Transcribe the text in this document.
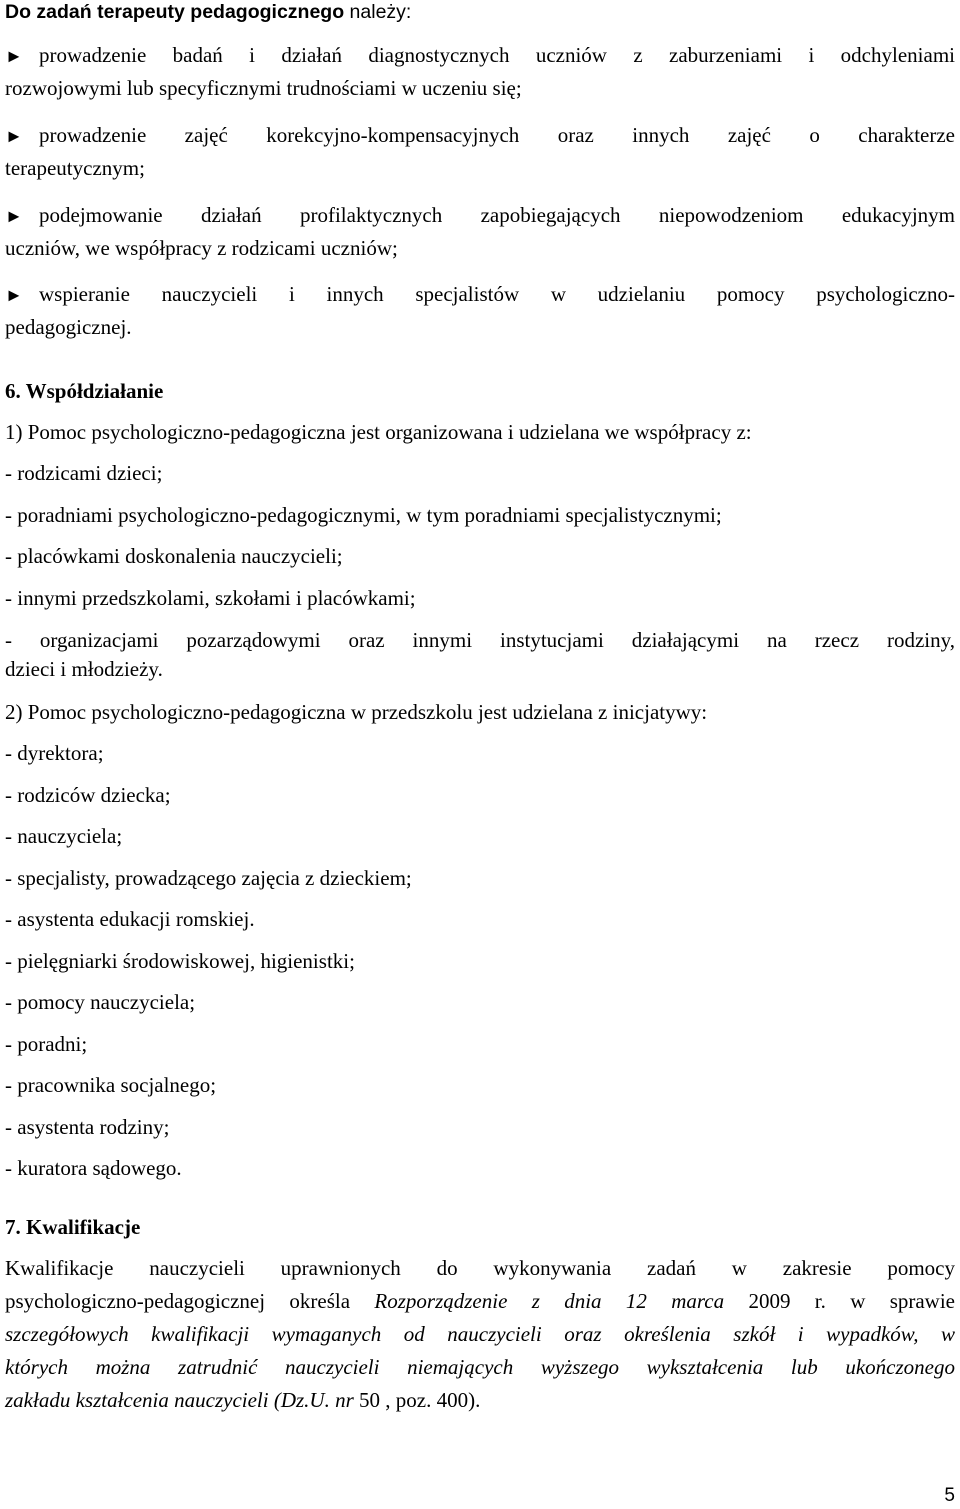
Do zadań terapeuty pedagogicznego należy:
► prowadzenie badań i działań diagnostycznych uczniów z zaburzeniami i odchyleniami
rozwojowymi lub specyficznymi trudnościami w uczeniu się;
► prowadzenie zajęć korekcyjno-kompensacyjnych oraz innych zajęć o charakterze
terapeutycznym;
► podejmowanie działań profilaktycznych zapobiegających niepowodzeniom edukacyjnym
uczniów, we współpracy z rodzicami uczniów;
► wspieranie nauczycieli i innych specjalistów w udzielaniu pomocy psychologiczno-
pedagogicznej.
6. Współdziałanie
1) Pomoc psychologiczno-pedagogiczna jest organizowana i udzielana we współpracy z:
- rodzicami dzieci;
- poradniami psychologiczno-pedagogicznymi, w tym poradniami specjalistycznymi;
- placówkami doskonalenia nauczycieli;
- innymi przedszkolami, szkołami i placówkami;
- organizacjami pozarządowymi oraz innymi instytucjami działającymi na rzecz rodziny,
dzieci i młodzieży.
2) Pomoc psychologiczno-pedagogiczna w przedszkolu jest udzielana z inicjatywy:
- dyrektora;
- rodziców dziecka;
- nauczyciela;
- specjalisty, prowadzącego zajęcia z dzieckiem;
- asystenta edukacji romskiej.
- pielęgniarki środowiskowej, higienistki;
- pomocy nauczyciela;
- poradni;
- pracownika socjalnego;
- asystenta rodziny;
- kuratora sądowego.
7. Kwalifikacje
Kwalifikacje nauczycieli uprawnionych do wykonywania zadań w zakresie pomocy
psychologiczno-pedagogicznej określa Rozporządzenie z dnia 12 marca 2009 r. w sprawie
szczegółowych kwalifikacji wymaganych od nauczycieli oraz określenia szkół i wypadków, w
których można zatrudnić nauczycieli niemających wyższego wykształcenia lub ukończonego
zakładu kształcenia nauczycieli (Dz.U. nr 50 , poz. 400).
5
